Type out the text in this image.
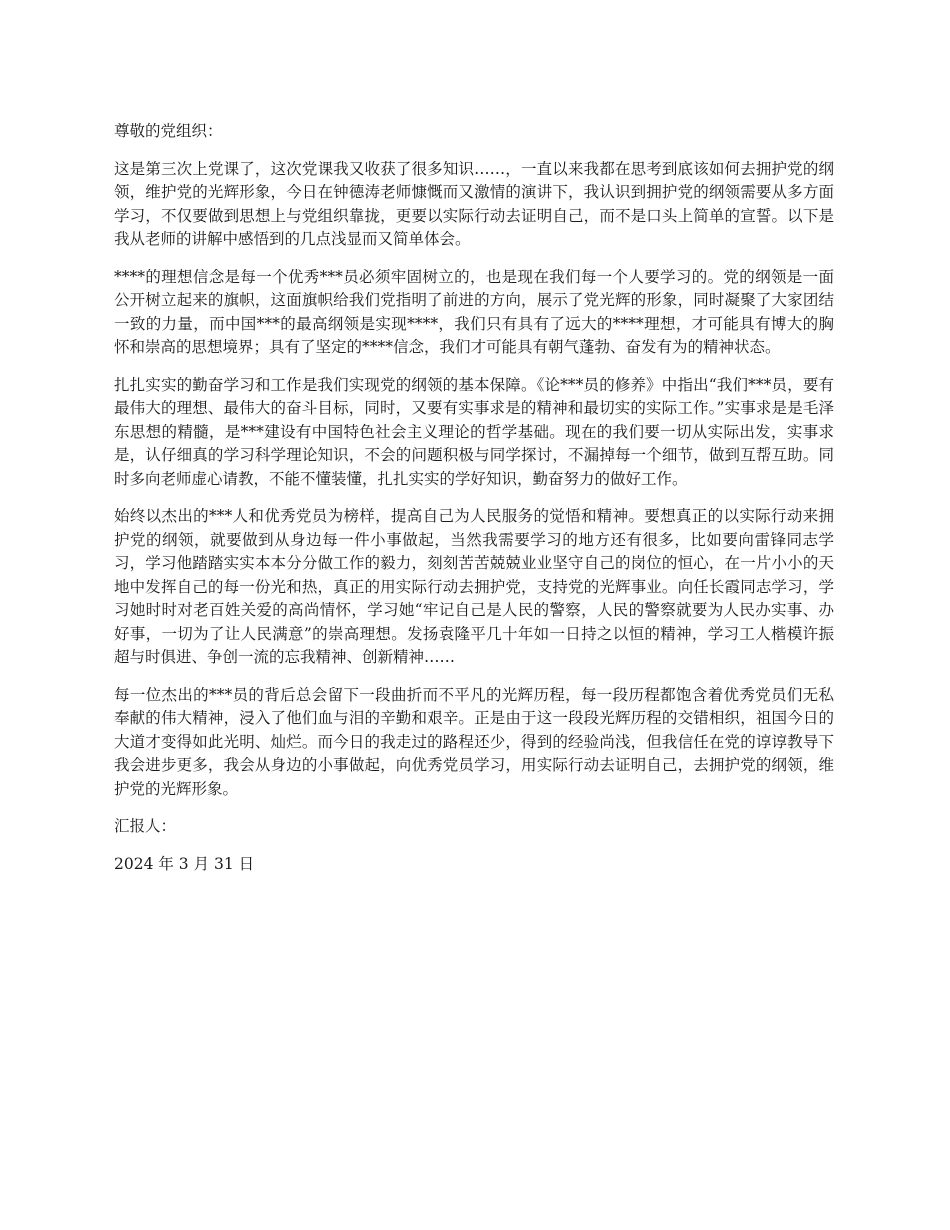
尊敬的党组织：

这是第三次上党课了，这次党课我又收获了很多知识……，一直以来我都在思考到底该如何去拥护党的纲领，维护党的光辉形象，今日在钟德涛老师慷慨而又激情的演讲下，我认识到拥护党的纲领需要从多方面学习，不仅要做到思想上与党组织靠拢，更要以实际行动去证明自己，而不是口头上简单的宣誓。以下是我从老师的讲解中感悟到的几点浅显而又简单体会。

****的理想信念是每一个优秀***员必须牢固树立的，也是现在我们每一个人要学习的。党的纲领是一面公开树立起来的旗帜，这面旗帜给我们党指明了前进的方向，展示了党光辉的形象，同时凝聚了大家团结一致的力量，而中国***的最高纲领是实现****，我们只有具有了远大的****理想，才可能具有博大的胸怀和崇高的思想境界；具有了坚定的****信念，我们才可能具有朝气蓬勃、奋发有为的精神状态。

扎扎实实的勤奋学习和工作是我们实现党的纲领的基本保障。《论***员的修养》中指出“我们***员，要有最伟大的理想、最伟大的奋斗目标，同时，又要有实事求是的精神和最切实的实际工作。”实事求是是毛泽东思想的精髓，是***建设有中国特色社会主义理论的哲学基础。现在的我们要一切从实际出发，实事求是，认仔细真的学习科学理论知识，不会的问题积极与同学探讨，不漏掉每一个细节，做到互帮互助。同时多向老师虚心请教，不能不懂装懂，扎扎实实的学好知识，勤奋努力的做好工作。

始终以杰出的***人和优秀党员为榜样，提高自己为人民服务的觉悟和精神。要想真正的以实际行动来拥护党的纲领，就要做到从身边每一件小事做起，当然我需要学习的地方还有很多，比如要向雷锋同志学习，学习他踏踏实实本本分分做工作的毅力，刻刻苦苦兢兢业业坚守自己的岗位的恒心，在一片小小的天地中发挥自己的每一份光和热，真正的用实际行动去拥护党，支持党的光辉事业。向任长霞同志学习，学习她时时对老百姓关爱的高尚情怀，学习她“牢记自己是人民的警察，人民的警察就要为人民办实事、办好事，一切为了让人民满意”的崇高理想。发扬袁隆平几十年如一日持之以恒的精神，学习工人楷模许振超与时俱进、争创一流的忘我精神、创新精神……

每一位杰出的***员的背后总会留下一段曲折而不平凡的光辉历程，每一段历程都饱含着优秀党员们无私奉献的伟大精神，浸入了他们血与泪的辛勤和艰辛。正是由于这一段段光辉历程的交错相织，祖国今日的大道才变得如此光明、灿烂。而今日的我走过的路程还少，得到的经验尚浅，但我信任在党的谆谆教导下我会进步更多，我会从身边的小事做起，向优秀党员学习，用实际行动去证明自己，去拥护党的纲领，维护党的光辉形象。

汇报人：

2024 年 3 月 31 日
